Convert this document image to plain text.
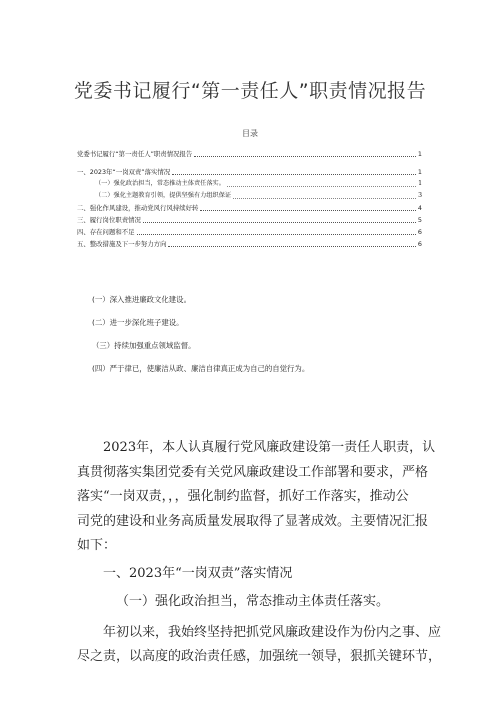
党委书记履行“第一责任人”职责情况报告
目录
党委书记履行“第一责任人”职责情况报告	1
一、2023年“一岗双责”落实情况	1
（一）强化政治担当，常态推动主体责任落实。	1
（二）强化主题教育引领，提供坚强有力组织保证	3
二、强化作风建设，推动党风行风持续好转	4
三、履行岗位职责情况	5
四、存在问题和不足	6
五、整改措施及下一步努力方向	6
(一）深入推进廉政文化建设。
(二）进一步深化班子建设。
（三）持续加强重点领域监督。
(四）严于律已，使廉洁从政、廉洁自律真正成为自己的自觉行为。

2023年，本人认真履行党风廉政建设第一责任人职责，认
真贯彻落实集团党委有关党风廉政建设工作部署和要求，严格
落实“一岗双责，，，强化制约监督，抓好工作落实，推动公
司党的建设和业务高质量发展取得了显著成效。主要情况汇报
如下：

一、2023年“一岗双责”落实情况
（一）强化政治担当，常态推动主体责任落实。

年初以来，我始终坚持把抓党风廉政建设作为份内之事、应
尽之责，以高度的政治责任感，加强统一领导，狠抓关键环节，
